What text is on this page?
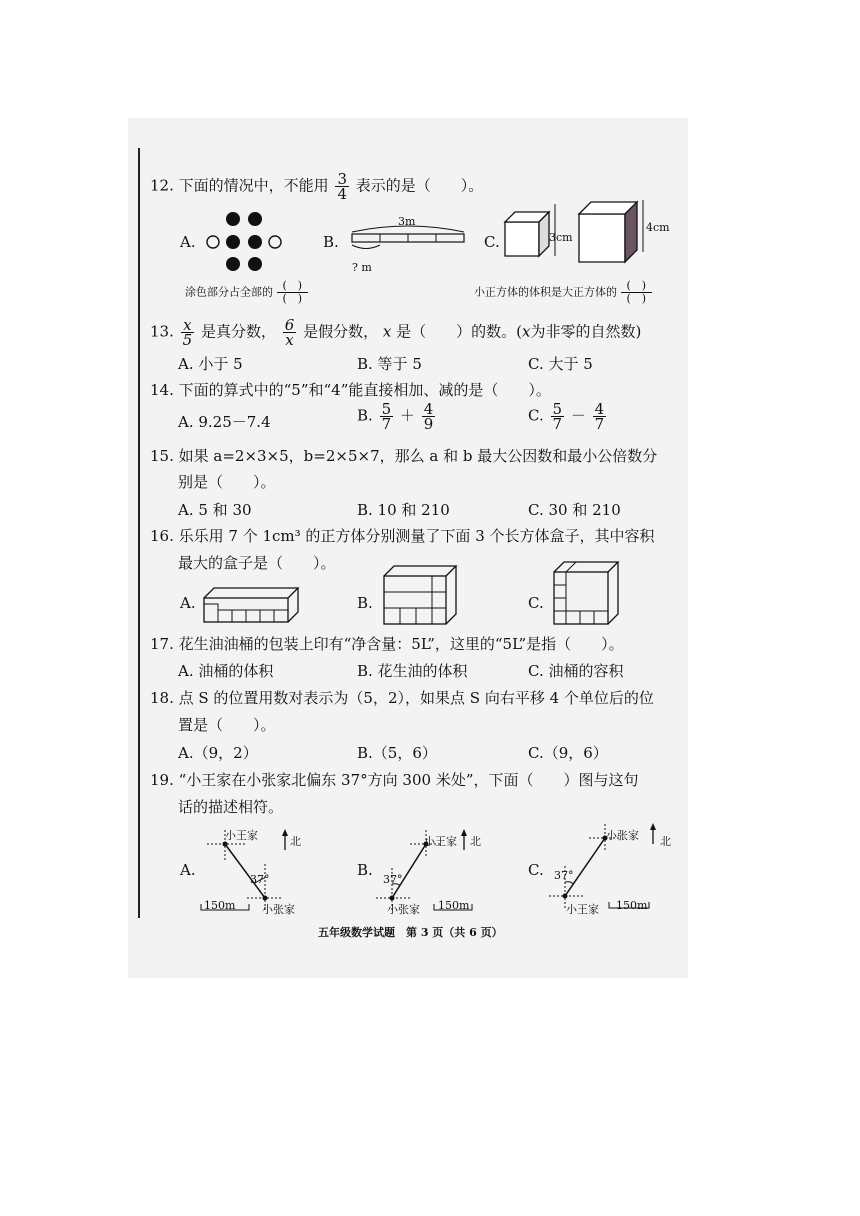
12. 下面的情况中，不能用 $\frac{3}{4}$ 表示的是（　　）。
A.	B.
3m
? m
C.	3cm
4cm
涂色部分占全部的 $\frac{( )}{( )}$	小正方体的体积是大正方体的 $\frac{( )}{( )}$
13. $\frac{x}{5}$ 是真分数， $\frac{6}{x}$ 是假分数， x 是（　　）的数。(x为非零的自然数)
A. 小于 5	B. 等于 5	C. 大于 5
14. 下面的算式中的“5”和“4”能直接相加、减的是（　　）。
A. 9.25－7.4	B. $\frac{5}{7} + \frac{4}{9}$	C. $\frac{5}{7} - \frac{4}{7}$
15. 如果 a=2×3×5，b=2×5×7，那么 a 和 b 最大公因数和最小公倍数分
别是（　　）。
A. 5 和 30	B. 10 和 210	C. 30 和 210
16. 乐乐用 7 个 1cm³ 的正方体分别测量了下面 3 个长方体盒子，其中容积
最大的盒子是（　　）。
A.	B.	C.
17. 花生油油桶的包装上印有“净含量：5L”，这里的“5L”是指（　　）。
A. 油桶的体积	B. 花生油的体积	C. 油桶的容积
18. 点 S 的位置用数对表示为（5，2），如果点 S 向右平移 4 个单位后的位
置是（　　）。
A.（9，2）	B.（5，6）	C.（9，6）
19. “小王家在小张家北偏东 37°方向 300 米处”，下面（　　）图与这句
话的描述相符。
A.
小王家	北
37°
小张家
150m
B.
小王家 北
37°
小张家 150m
C.
小张家 北
37°
小王家 150m
五年级数学试题　第 3 页（共 6 页）
